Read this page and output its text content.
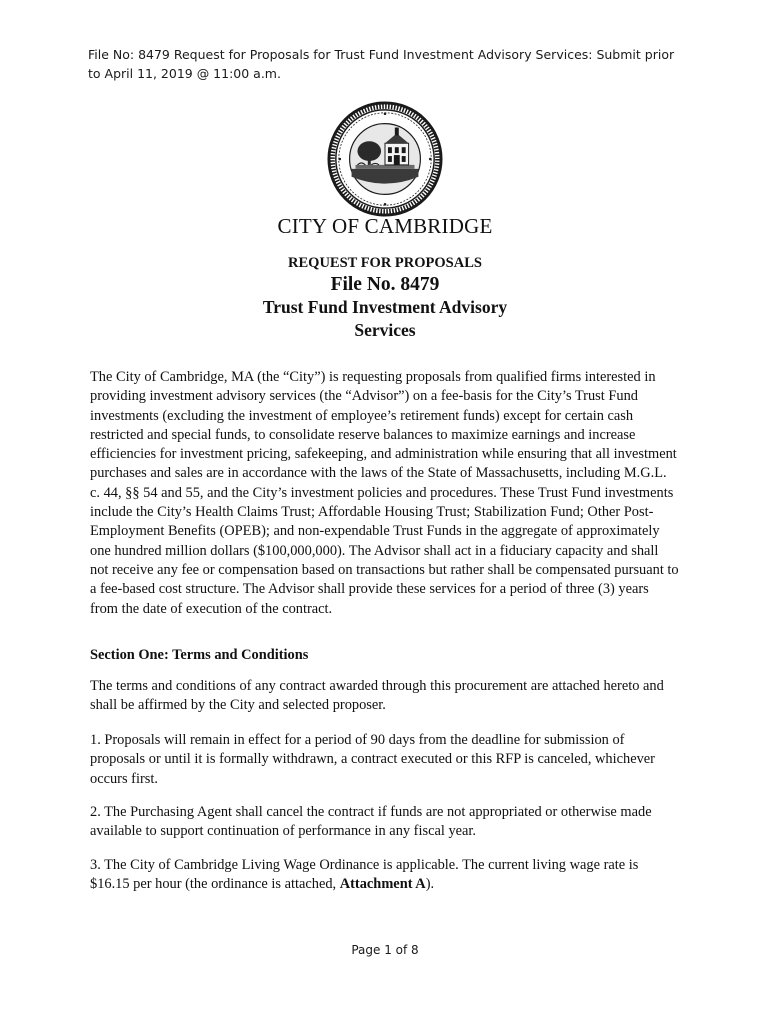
File No: 8479 Request for Proposals for Trust Fund Investment Advisory Services: Submit prior to April 11, 2019 @ 11:00 a.m.
CITY OF CAMBRIDGE
REQUEST FOR PROPOSALS
File No. 8479
Trust Fund Investment Advisory
Services

The City of Cambridge, MA (the “City”) is requesting proposals from qualified firms interested in providing investment advisory services (the “Advisor”) on a fee-basis for the City’s Trust Fund investments (excluding the investment of employee’s retirement funds) except for certain cash restricted and special funds, to consolidate reserve balances to maximize earnings and increase efficiencies for investment pricing, safekeeping, and administration while ensuring that all investment purchases and sales are in accordance with the laws of the State of Massachusetts, including M.G.L. c. 44, §§ 54 and 55, and the City’s investment policies and procedures. These Trust Fund investments include the City’s Health Claims Trust; Affordable Housing Trust; Stabilization Fund; Other Post-Employment Benefits (OPEB); and non-expendable Trust Funds in the aggregate of approximately one hundred million dollars ($100,000,000). The Advisor shall act in a fiduciary capacity and shall not receive any fee or compensation based on transactions but rather shall be compensated pursuant to a fee-based cost structure. The Advisor shall provide these services for a period of three (3) years from the date of execution of the contract.

Section One: Terms and Conditions

The terms and conditions of any contract awarded through this procurement are attached hereto and shall be affirmed by the City and selected proposer.

1. Proposals will remain in effect for a period of 90 days from the deadline for submission of proposals or until it is formally withdrawn, a contract executed or this RFP is canceled, whichever occurs first.

2. The Purchasing Agent shall cancel the contract if funds are not appropriated or otherwise made available to support continuation of performance in any fiscal year.

3. The City of Cambridge Living Wage Ordinance is applicable. The current living wage rate is $16.15 per hour (the ordinance is attached, Attachment A).

Page 1 of 8
